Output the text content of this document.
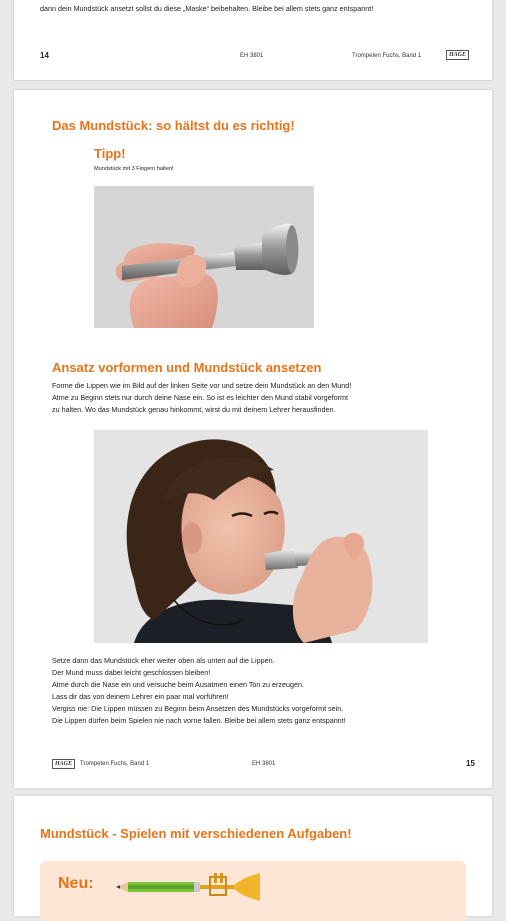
dann dein Mundstück ansetzt sollst du diese „Maske“ beibehalten. Bleibe bei allem stets ganz entspannt!
14	EH 3801	Trompeten Fuchs, Band 1	HAGE
Das Mundstück: so hältst du es richtig!
Tipp!
Mundstück mit 3 Fingern halten!
Ansatz vorformen und Mundstück ansetzen
Forme die Lippen wie im Bild auf der linken Seite vor und setze dein Mundstück an den Mund!
Atme zu Beginn stets nur durch deine Nase ein. So ist es leichter den Mund stabil vorgeformt
zu halten. Wo das Mundstück genau hinkommt, wirst du mit deinem Lehrer herausfinden.
Setze dann das Mundstück eher weiter oben als unten auf die Lippen.
Der Mund muss dabei leicht geschlossen bleiben!
Atme durch die Nase ein und versuche beim Ausatmen einen Ton zu erzeugen.
Lass dir das von deinem Lehrer ein paar mal vorführen!
Vergiss nie: Die Lippen müssen zu Beginn beim Ansetzen des Mundstücks vorgeformt sein.
Die Lippen dürfen beim Spielen nie nach vorne fallen. Bleibe bei allem stets ganz entspannt!
HAGE	Trompeten Fuchs, Band 1	EH 3801	15
Mundstück - Spielen mit verschiedenen Aufgaben!
Neu:
